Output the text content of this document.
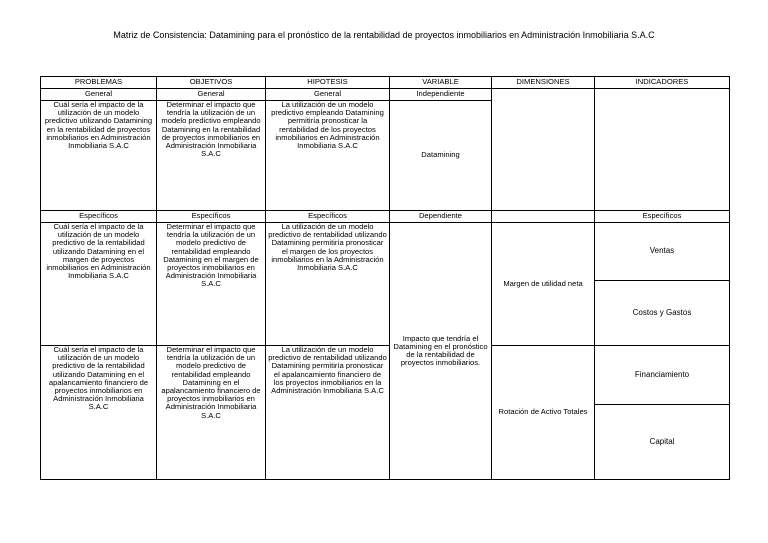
Matriz de Consistencia: Datamining para el pronóstico de la rentabilidad de proyectos inmobiliarios en Administración Inmobiliaria S.A.C
PROBLEMAS	OBJETIVOS	HIPOTESIS	VARIABLE	DIMENSIONES	INDICADORES
General	General	General	Independiente		
Cuál sería el impacto de la utilización de un modelo predictivo utilizando Datamining en la rentabilidad de proyectos inmobiliarios en Administración Inmobiliaria S.A.C	Determinar el impacto que tendría la utilización de un modelo predictivo empleando Datamining en la rentabilidad de proyectos inmobiliarios en Administración Inmobiliaria S.A.C	La utilización de un modelo predictivo empleando Datamining permitiría pronosticar la rentabilidad de los proyectos inmobiliarios en Administración Inmobiliaria S.A.C	Datamining		
Específicos	Específicos	Específicos	Dependiente		Específicos
Cuál sería el impacto de la utilización de un modelo predictivo de la rentabilidad utilizando Datamining en el margen de proyectos inmobiliarios en Administración Inmobiliaria S.A.C	Determinar el impacto que tendría la utilización de un modelo predictivo de rentabilidad empleando Datamining en el margen de proyectos inmobiliarios en Administración Inmobiliaria S.A.C	La utilización de un modelo predictivo de rentabilidad utilizando Datamining permitiría pronosticar el margen de los proyectos inmobiliarios en la Administración Inmobiliaria S.A.C	Impacto que tendría el Datamining en el pronóstico de la rentabilidad de proyectos inmobiliarios.	Margen de utilidad neta	Ventas
					Costos y Gastos
Cuál sería el impacto de la utilización de un modelo predictivo de la rentabilidad utilizando Datamining en el apalancamiento financiero de proyectos inmobiliarios en Administración Inmobiliaria S.A.C	Determinar el impacto que tendría la utilización de un modelo predictivo de rentabilidad empleando Datamining en el apalancamiento financiero de proyectos inmobiliarios en Administración Inmobiliaria S.A.C	La utilización de un modelo predictivo de rentabilidad utilizando Datamining permitiría pronosticar el apalancamiento financiero de los proyectos inmobiliarios en la Administración Inmobiliaria S.A.C		Rotación de Activo Totales	Financiamiento
					Capital
